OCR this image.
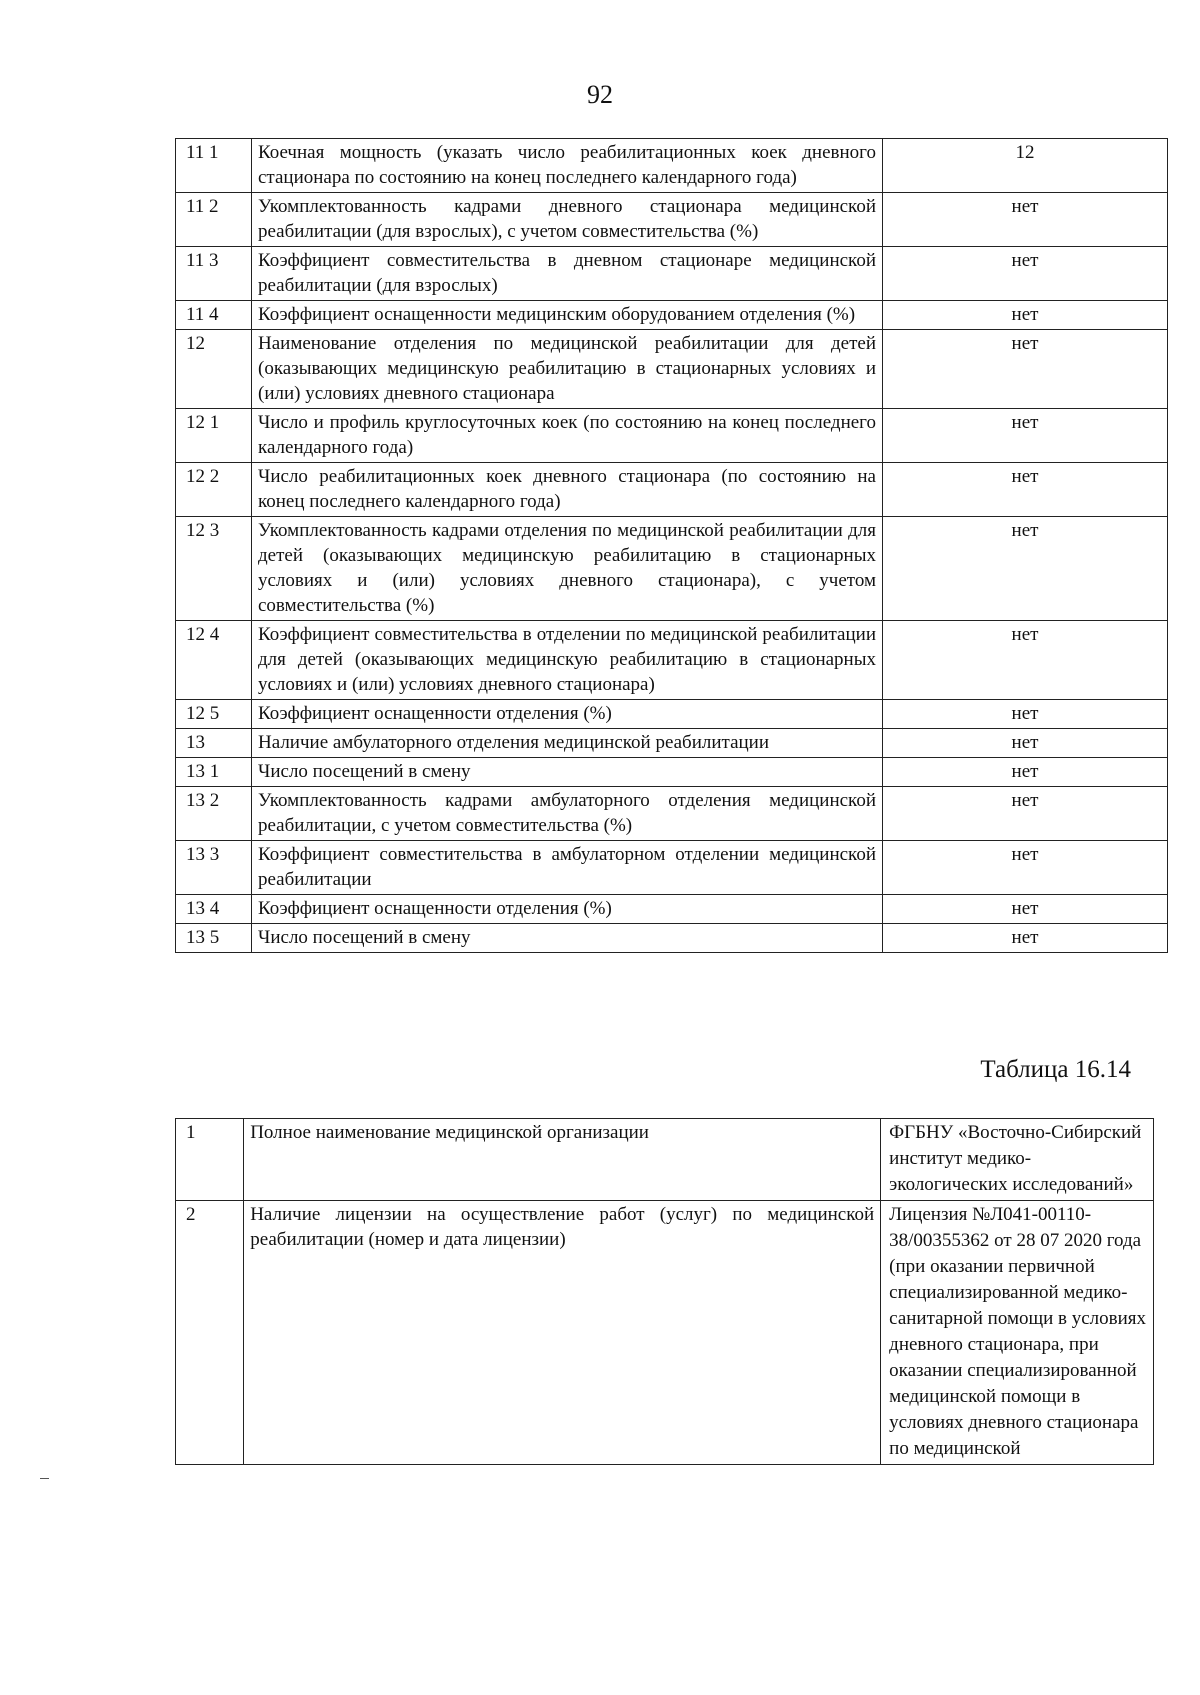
92
11 1	Коечная мощность (указать число реабилитационных коек дневного стационара по состоянию на конец последнего календарного года)	12
11 2	Укомплектованность кадрами дневного стационара медицинской реабилитации (для взрослых), с учетом совместительства (%)	нет
11 3	Коэффициент совместительства в дневном стационаре медицинской реабилитации (для взрослых)	нет
11 4	Коэффициент оснащенности медицинским оборудованием отделения (%)	нет
12	Наименование отделения по медицинской реабилитации для детей (оказывающих медицинскую реабилитацию в стационарных условиях и (или) условиях дневного стационара	нет
12 1	Число и профиль круглосуточных коек (по состоянию на конец последнего календарного года)	нет
12 2	Число реабилитационных коек дневного стационара (по состоянию на конец последнего календарного года)	нет
12 3	Укомплектованность кадрами отделения по медицинской реабилитации для детей (оказывающих медицинскую реабилитацию в стационарных условиях и (или) условиях дневного стационара), с учетом совместительства (%)	нет
12 4	Коэффициент совместительства в отделении по медицинской реабилитации для детей (оказывающих медицинскую реабилитацию в стационарных условиях и (или) условиях дневного стационара)	нет
12 5	Коэффициент оснащенности отделения (%)	нет
13	Наличие амбулаторного отделения медицинской реабилитации	нет
13 1	Число посещений в смену	нет
13 2	Укомплектованность кадрами амбулаторного отделения медицинской реабилитации, с учетом совместительства (%)	нет
13 3	Коэффициент совместительства в амбулаторном отделении медицинской реабилитации	нет
13 4	Коэффициент оснащенности отделения (%)	нет
13 5	Число посещений в смену	нет
Таблица 16.14
1	Полное наименование медицинской организации	ФГБНУ «Восточно-Сибирский институт медико-экологических исследований»
2	Наличие лицензии на осуществление работ (услуг) по медицинской реабилитации (номер и дата лицензии)	Лицензия №Л041-00110-38/00355362 от 28 07 2020 года (при оказании первичной специализированной медико-санитарной помощи в условиях дневного стационара, при оказании специализированной медицинской помощи в условиях дневного стационара по медицинской
